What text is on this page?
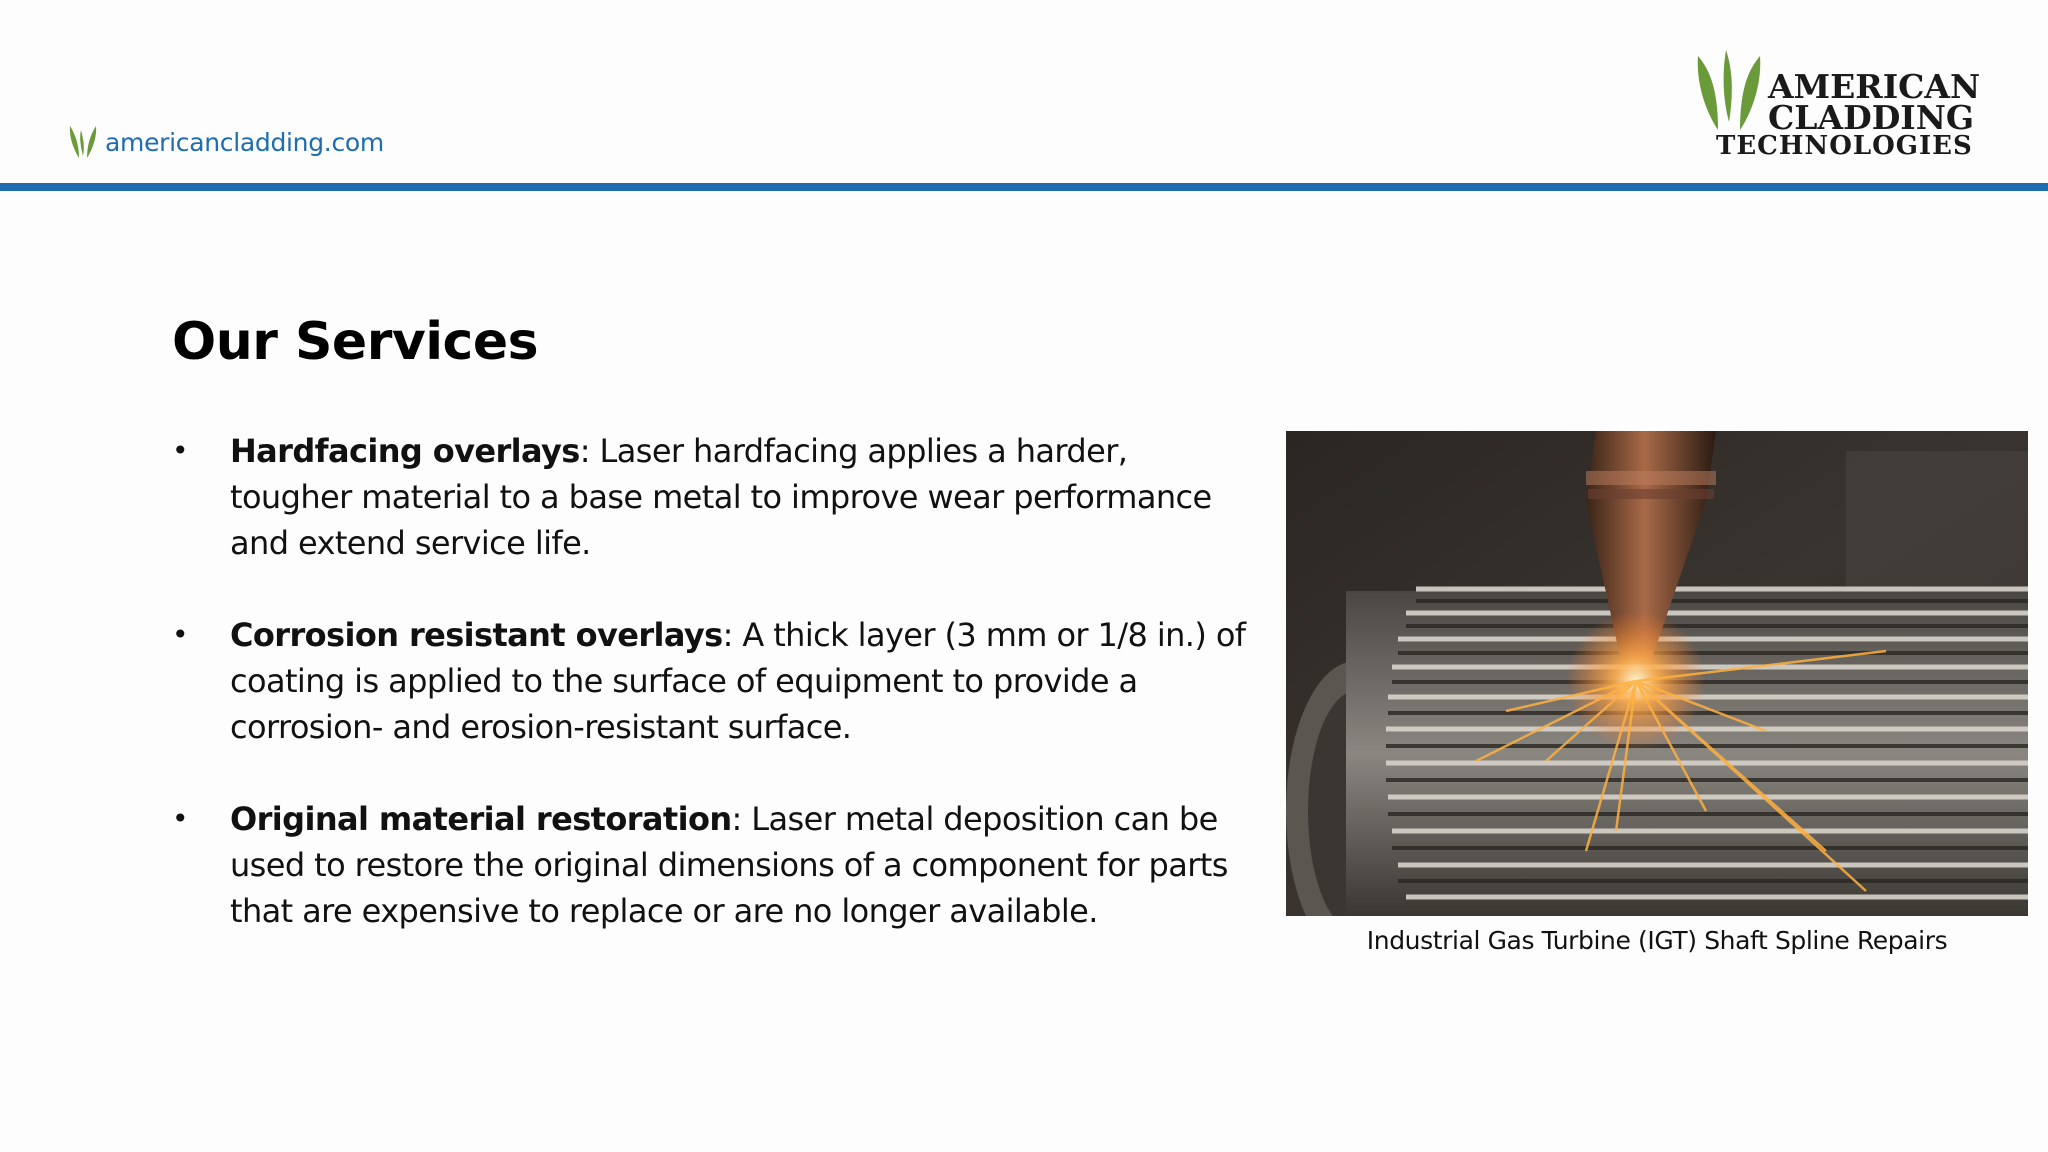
americancladding.com
AMERICAN
CLADDING
TECHNOLOGIES
Our Services
• Hardfacing overlays: Laser hardfacing applies a harder, tougher material to a base metal to improve wear performance and extend service life.
• Corrosion resistant overlays: A thick layer (3 mm or 1/8 in.) of coating is applied to the surface of equipment to provide a corrosion- and erosion-resistant surface.
• Original material restoration: Laser metal deposition can be used to restore the original dimensions of a component for parts that are expensive to replace or are no longer available.
Industrial Gas Turbine (IGT) Shaft Spline Repairs
